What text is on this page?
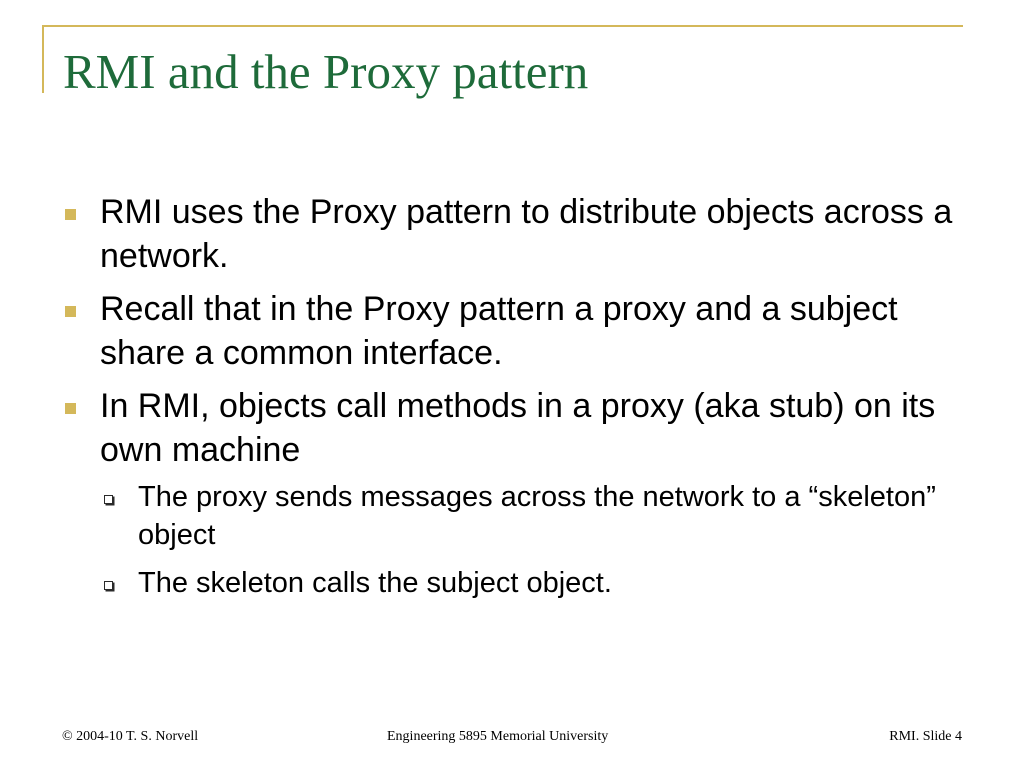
RMI and the Proxy pattern
RMI uses the Proxy pattern to distribute objects across a network.
Recall that in the Proxy pattern a proxy and a subject share a common interface.
In RMI, objects call methods in a proxy (aka stub) on its own machine
The proxy sends messages across the network to a “skeleton” object
The skeleton calls the subject object.
© 2004-10 T. S. Norvell	Engineering 5895 Memorial University	RMI. Slide 4
